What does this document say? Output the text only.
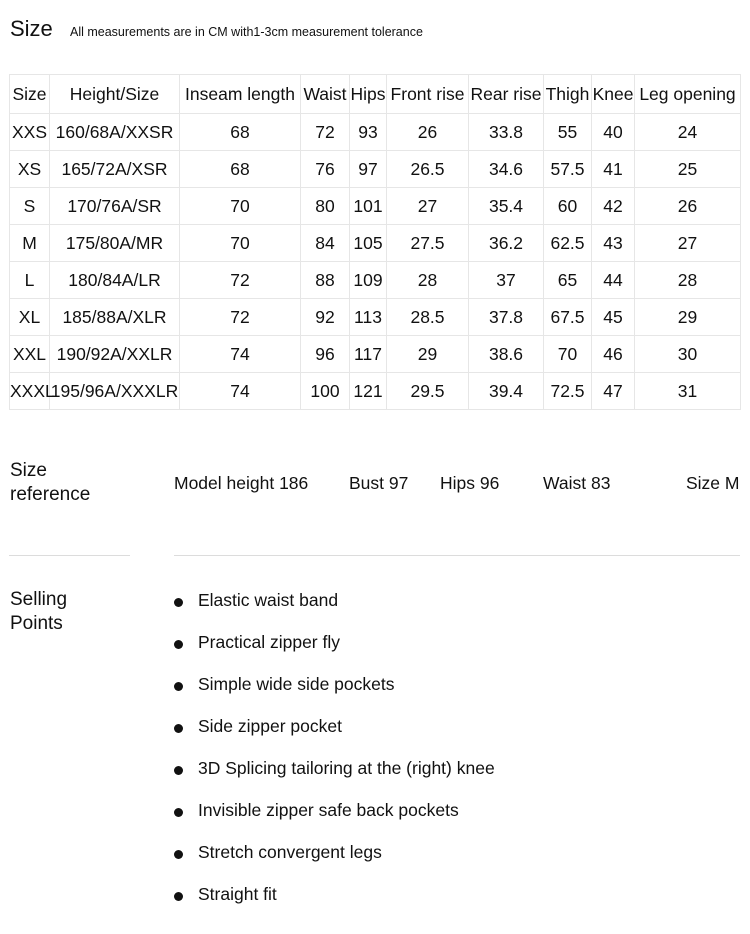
Size All measurements are in CM with1-3cm measurement tolerance
Size	Height/Size	Inseam length	Waist	Hips	Front rise	Rear rise	Thigh	Knee	Leg opening
XXS	160/68A/XXSR	68	72	93	26	33.8	55	40	24
XS	165/72A/XSR	68	76	97	26.5	34.6	57.5	41	25
S	170/76A/SR	70	80	101	27	35.4	60	42	26
M	175/80A/MR	70	84	105	27.5	36.2	62.5	43	27
L	180/84A/LR	72	88	109	28	37	65	44	28
XL	185/88A/XLR	72	92	113	28.5	37.8	67.5	45	29
XXL	190/92A/XXLR	74	96	117	29	38.6	70	46	30
XXXL	195/96A/XXXLR	74	100	121	29.5	39.4	72.5	47	31
Size
reference
Model height 186 Bust 97 Hips 96 Waist 83	Size M
Selling
Points
Elastic waist band
Practical zipper fly
Simple wide side pockets
Side zipper pocket
3D Splicing tailoring at the (right) knee
Invisible zipper safe back pockets
Stretch convergent legs
Straight fit
